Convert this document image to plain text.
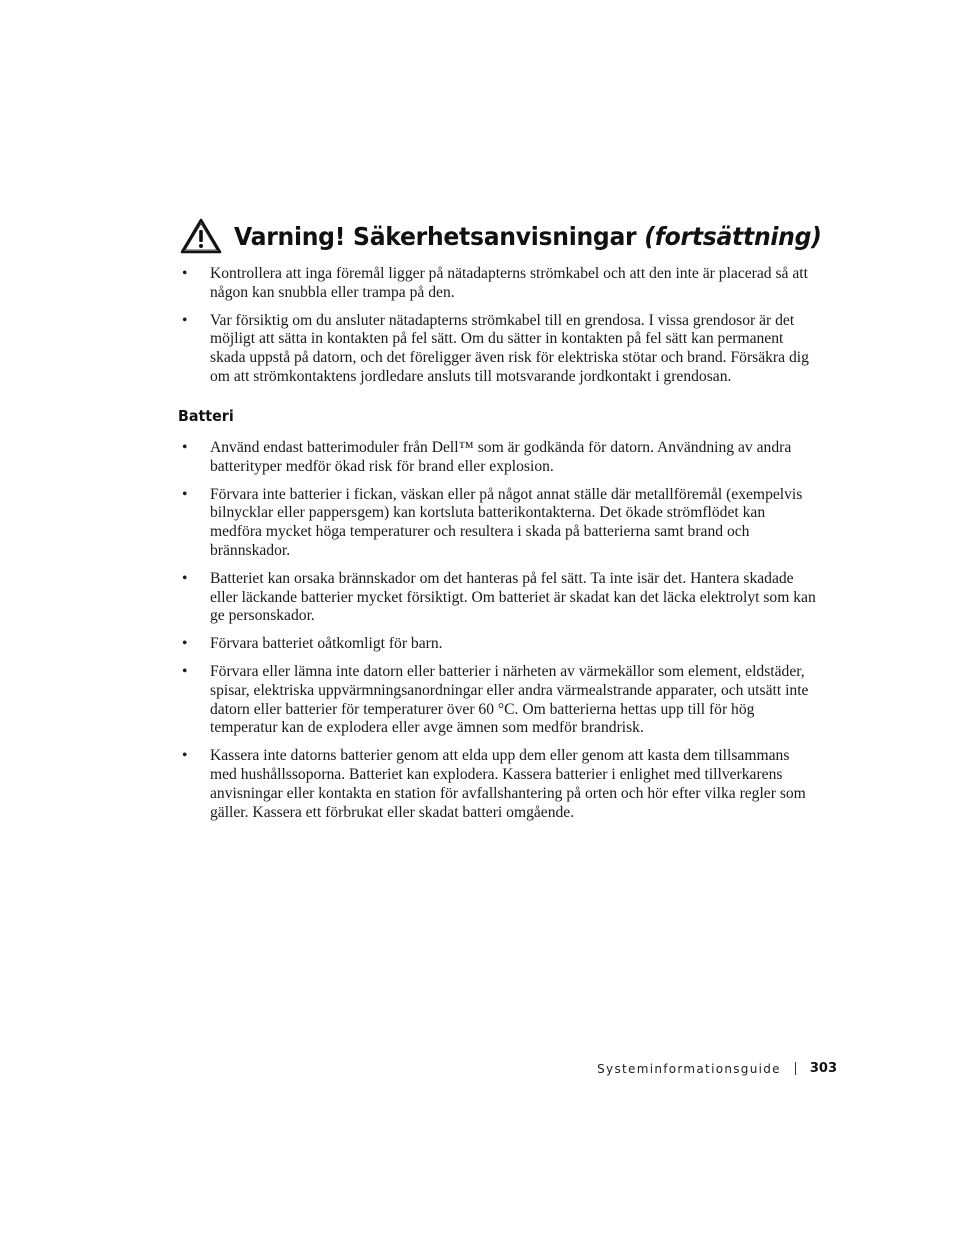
Varning! Säkerhetsanvisningar (fortsättning)
• Kontrollera att inga föremål ligger på nätadapterns strömkabel och att den inte är placerad så att någon kan snubbla eller trampa på den.
• Var försiktig om du ansluter nätadapterns strömkabel till en grendosa. I vissa grendosor är det möjligt att sätta in kontakten på fel sätt. Om du sätter in kontakten på fel sätt kan permanent skada uppstå på datorn, och det föreligger även risk för elektriska stötar och brand. Försäkra dig om att strömkontaktens jordledare ansluts till motsvarande jordkontakt i grendosan.
Batteri
• Använd endast batterimoduler från Dell™ som är godkända för datorn. Användning av andra batterityper medför ökad risk för brand eller explosion.
• Förvara inte batterier i fickan, väskan eller på något annat ställe där metallföremål (exempelvis bilnycklar eller pappersgem) kan kortsluta batterikontakterna. Det ökade strömflödet kan medföra mycket höga temperaturer och resultera i skada på batterierna samt brand och brännskador.
• Batteriet kan orsaka brännskador om det hanteras på fel sätt. Ta inte isär det. Hantera skadade eller läckande batterier mycket försiktigt. Om batteriet är skadat kan det läcka elektrolyt som kan ge personskador.
• Förvara batteriet oåtkomligt för barn.
• Förvara eller lämna inte datorn eller batterier i närheten av värmekällor som element, eldstäder, spisar, elektriska uppvärmningsanordningar eller andra värmealstrande apparater, och utsätt inte datorn eller batterier för temperaturer över 60 °C. Om batterierna hettas upp till för hög temperatur kan de explodera eller avge ämnen som medför brandrisk.
• Kassera inte datorns batterier genom att elda upp dem eller genom att kasta dem tillsammans med hushållssoporna. Batteriet kan explodera. Kassera batterier i enlighet med tillverkarens anvisningar eller kontakta en station för avfallshantering på orten och hör efter vilka regler som gäller. Kassera ett förbrukat eller skadat batteri omgående.
Systeminformationsguide 303
